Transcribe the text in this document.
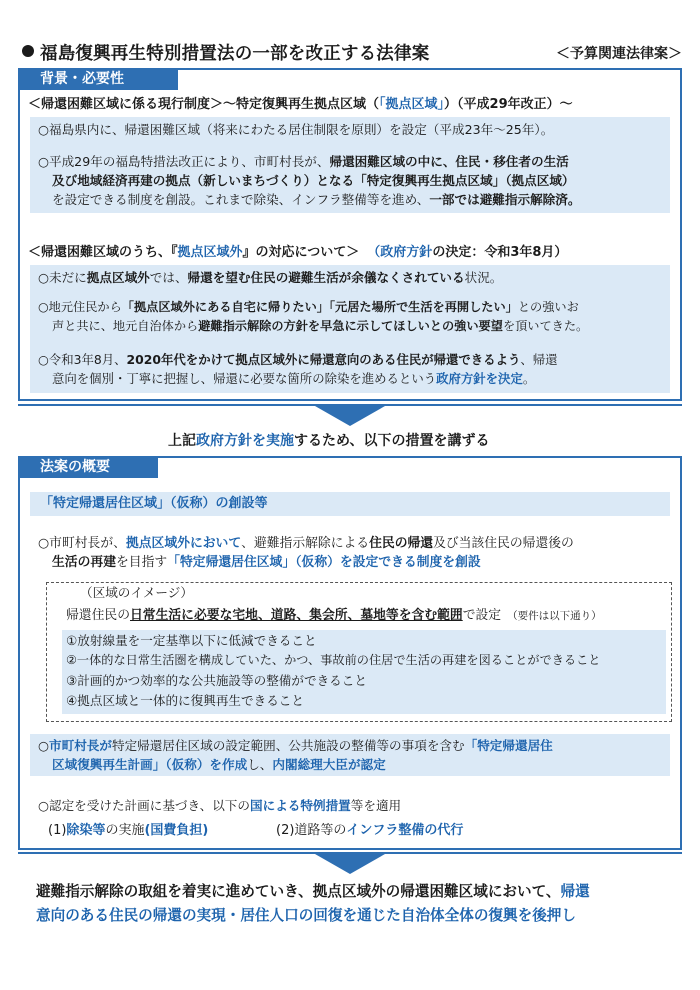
福島復興再生特別措置法の一部を改正する法律案	＜予算関連法律案＞
背景・必要性
＜帰還困難区域に係る現行制度＞～特定復興再生拠点区域（「拠点区域」）（平成29年改正）～
○福島県内に、帰還困難区域（将来にわたる居住制限を原則）を設定（平成23年～25年）。
○平成29年の福島特措法改正により、市町村長が、帰還困難区域の中に、住民・移住者の生活
及び地域経済再建の拠点（新しいまちづくり）となる「特定復興再生拠点区域」（拠点区域）
を設定できる制度を創設。これまで除染、インフラ整備等を進め、一部では避難指示解除済。
＜帰還困難区域のうち、『拠点区域外』の対応について＞ （政府方針の決定：令和3年8月）
○未だに拠点区域外では、帰還を望む住民の避難生活が余儀なくされている状況。
○地元住民から「拠点区域外にある自宅に帰りたい」「元居た場所で生活を再開したい」との強いお
声と共に、地元自治体から避難指示解除の方針を早急に示してほしいとの強い要望を頂いてきた。
○令和3年8月、2020年代をかけて拠点区域外に帰還意向のある住民が帰還できるよう、帰還
意向を個別・丁寧に把握し、帰還に必要な箇所の除染を進めるという政府方針を決定。
上記政府方針を実施するため、以下の措置を講ずる
法案の概要
「特定帰還居住区域」（仮称）の創設等
○市町村長が、拠点区域外において、避難指示解除による住民の帰還及び当該住民の帰還後の
生活の再建を目指す「特定帰還居住区域」（仮称）を設定できる制度を創設
（区域のイメージ）
帰還住民の日常生活に必要な宅地、道路、集会所、墓地等を含む範囲で設定 （要件は以下通り）
①放射線量を一定基準以下に低減できること
②一体的な日常生活圏を構成していた、かつ、事故前の住居で生活の再建を図ることができること
③計画的かつ効率的な公共施設等の整備ができること
④拠点区域と一体的に復興再生できること
○市町村長が特定帰還居住区域の設定範囲、公共施設の整備等の事項を含む「特定帰還居住
区域復興再生計画」（仮称）を作成し、内閣総理大臣が認定
○認定を受けた計画に基づき、以下の国による特例措置等を適用
(1)除染等の実施(国費負担)	(2)道路等のインフラ整備の代行
避難指示解除の取組を着実に進めていき、拠点区域外の帰還困難区域において、帰還
意向のある住民の帰還の実現・居住人口の回復を通じた自治体全体の復興を後押し
